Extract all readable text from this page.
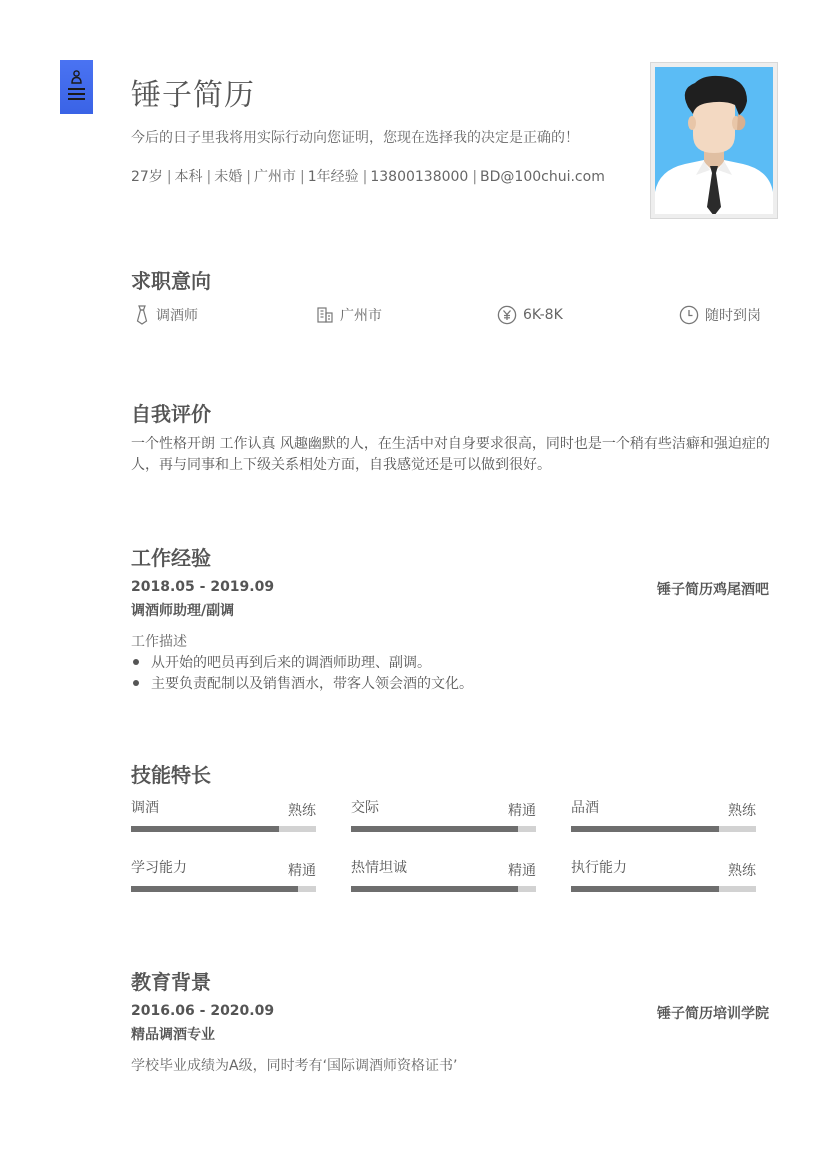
锤子简历
今后的日子里我将用实际行动向您证明，您现在选择我的决定是正确的！
27岁 | 本科 | 未婚 | 广州市 | 1年经验 | 13800138000 | BD@100chui.com
求职意向
调酒师	广州市	6K-8K	随时到岗
自我评价
一个性格开朗 工作认真 风趣幽默的人，在生活中对自身要求很高，同时也是一个稍有些洁癖和强迫症的
人，再与同事和上下级关系相处方面，自我感觉还是可以做到很好。
工作经验
2018.05 - 2019.09	锤子简历鸡尾酒吧
调酒师助理/副调
工作描述
从开始的吧员再到后来的调酒师助理、副调。
主要负责配制以及销售酒水，带客人领会酒的文化。
技能特长
调酒	熟练	交际	精通	品酒	熟练
学习能力	精通	热情坦诚	精通	执行能力	熟练
教育背景
2016.06 - 2020.09	锤子简历培训学院
精品调酒专业
学校毕业成绩为A级，同时考有‘国际调酒师资格证书’
